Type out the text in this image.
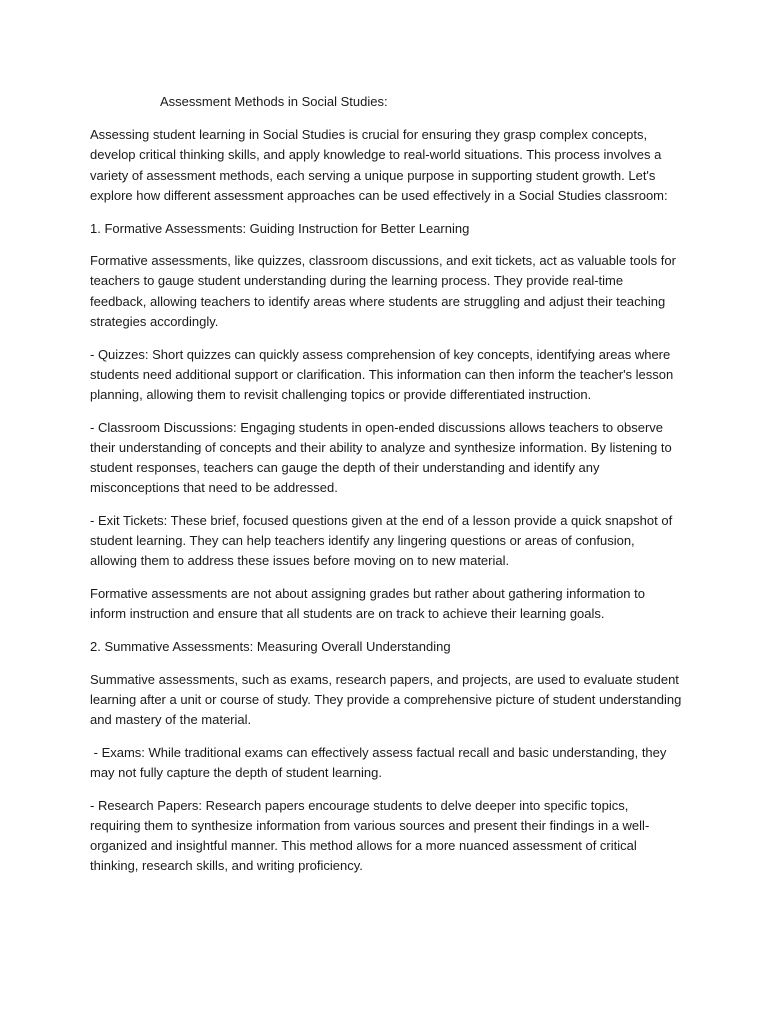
Assessment Methods in Social Studies:

Assessing student learning in Social Studies is crucial for ensuring they grasp complex concepts, develop critical thinking skills, and apply knowledge to real-world situations. This process involves a variety of assessment methods, each serving a unique purpose in supporting student growth. Let's explore how different assessment approaches can be used effectively in a Social Studies classroom:

1. Formative Assessments: Guiding Instruction for Better Learning

Formative assessments, like quizzes, classroom discussions, and exit tickets, act as valuable tools for teachers to gauge student understanding during the learning process. They provide real-time feedback, allowing teachers to identify areas where students are struggling and adjust their teaching strategies accordingly.

- Quizzes: Short quizzes can quickly assess comprehension of key concepts, identifying areas where students need additional support or clarification. This information can then inform the teacher's lesson planning, allowing them to revisit challenging topics or provide differentiated instruction.

- Classroom Discussions: Engaging students in open-ended discussions allows teachers to observe their understanding of concepts and their ability to analyze and synthesize information. By listening to student responses, teachers can gauge the depth of their understanding and identify any misconceptions that need to be addressed.

- Exit Tickets: These brief, focused questions given at the end of a lesson provide a quick snapshot of student learning. They can help teachers identify any lingering questions or areas of confusion, allowing them to address these issues before moving on to new material.

Formative assessments are not about assigning grades but rather about gathering information to inform instruction and ensure that all students are on track to achieve their learning goals.

2. Summative Assessments: Measuring Overall Understanding

Summative assessments, such as exams, research papers, and projects, are used to evaluate student learning after a unit or course of study. They provide a comprehensive picture of student understanding and mastery of the material.

- Exams: While traditional exams can effectively assess factual recall and basic understanding, they may not fully capture the depth of student learning.

- Research Papers: Research papers encourage students to delve deeper into specific topics, requiring them to synthesize information from various sources and present their findings in a well-organized and insightful manner. This method allows for a more nuanced assessment of critical thinking, research skills, and writing proficiency.
